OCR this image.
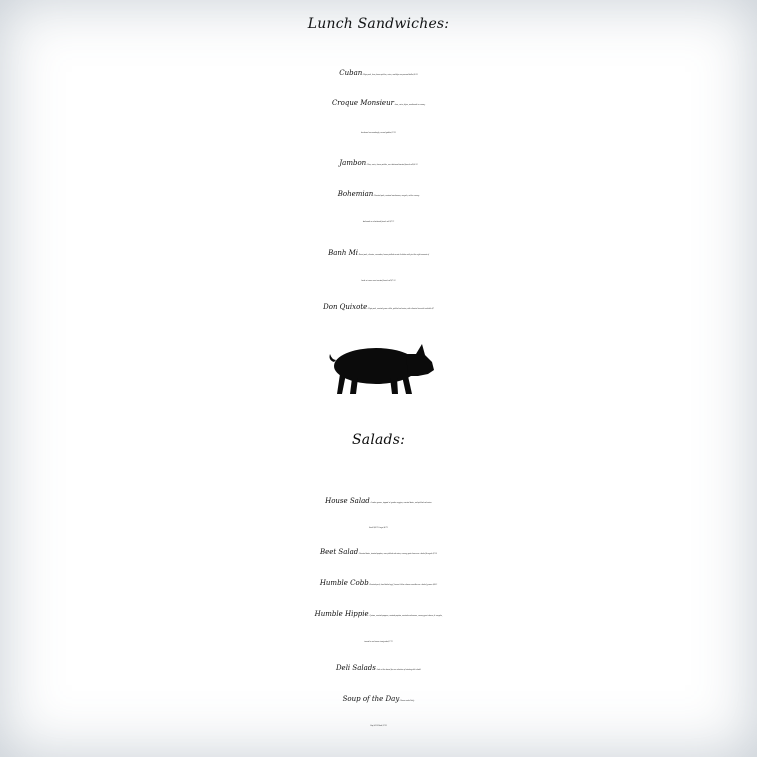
Lunch Sandwiches:
Cuban- Mojo pork, ham, house pickles, swiss, and dijon on pressed biollo $8.25
Croque Monsieur- ham, swiss, dijon, smothered in creamy
bechamel on sourdough, served golden $7.25
Jambon- Ham, swiss, house pickles, on a buttered toasted french roll $6.25
Bohemian- Roasted pork, sauteed mushrooms, arugula, with a creamy
bechamel on a buttered french roll $7.75
Banh Mi- Roast pork, cilantro, cucumber, house pickled carrot & daikon with just the right amount of
banh mi sauce on a toasted french roll $7.50
Don Quixote- Mojo pork, roasted green chilis, pickled red onion, with cilantro lime aioli on biollo $7
Salads:
House Salad- Garden greens, topped w/ garden veggies, roasted beets, and pickled red onion.
Small $4.75 Large $6.75
Beet Salad- Roasted beets, toasted pepitas, sour pickled red onion, creamy goat cheese on a bed of Arugula $7.50
Humble Cobb- Roasted pork, hard boiled egg*, bacon & blue cheese crumbles on a bed of greens $8.25
Humble Hippie- Quinoa, roasted peppers, roasted pepitas, roasted mushrooms, creamy goat cheese, & arugula,
tossed in our house vinaigrette $7.75
Deli Salads- Look at the board for our selection of rotating deli salads!
Soup of the Day- House made Daily.
Cup $4.50 Bowl $7.25
